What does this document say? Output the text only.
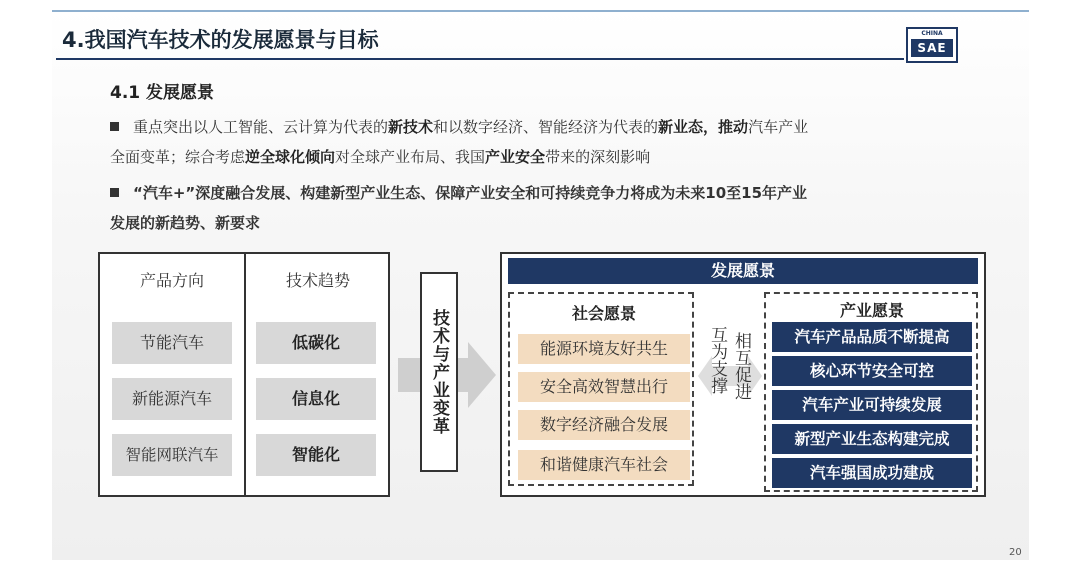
4.我国汽车技术的发展愿景与目标	CHINA
SAE
4.1 发展愿景
重点突出以人工智能、云计算为代表的新技术和以数字经济、智能经济为代表的新业态，推动汽车产业
全面变革；综合考虑逆全球化倾向对全球产业布局、我国产业安全带来的深刻影响
“汽车+”深度融合发展、构建新型产业生态、保障产业安全和可持续竞争力将成为未来10至15年产业
发展的新趋势、新要求
产品方向	技术趋势
节能汽车
新能源汽车
智能网联汽车
低碳化
信息化
智能化
技术与产业变革
发展愿景
社会愿景
能源环境友好共生
安全高效智慧出行
数字经济融合发展
和谐健康汽车社会
互为支撑 相互促进
产业愿景
汽车产品品质不断提高
核心环节安全可控
汽车产业可持续发展
新型产业生态构建完成
汽车强国成功建成
20
